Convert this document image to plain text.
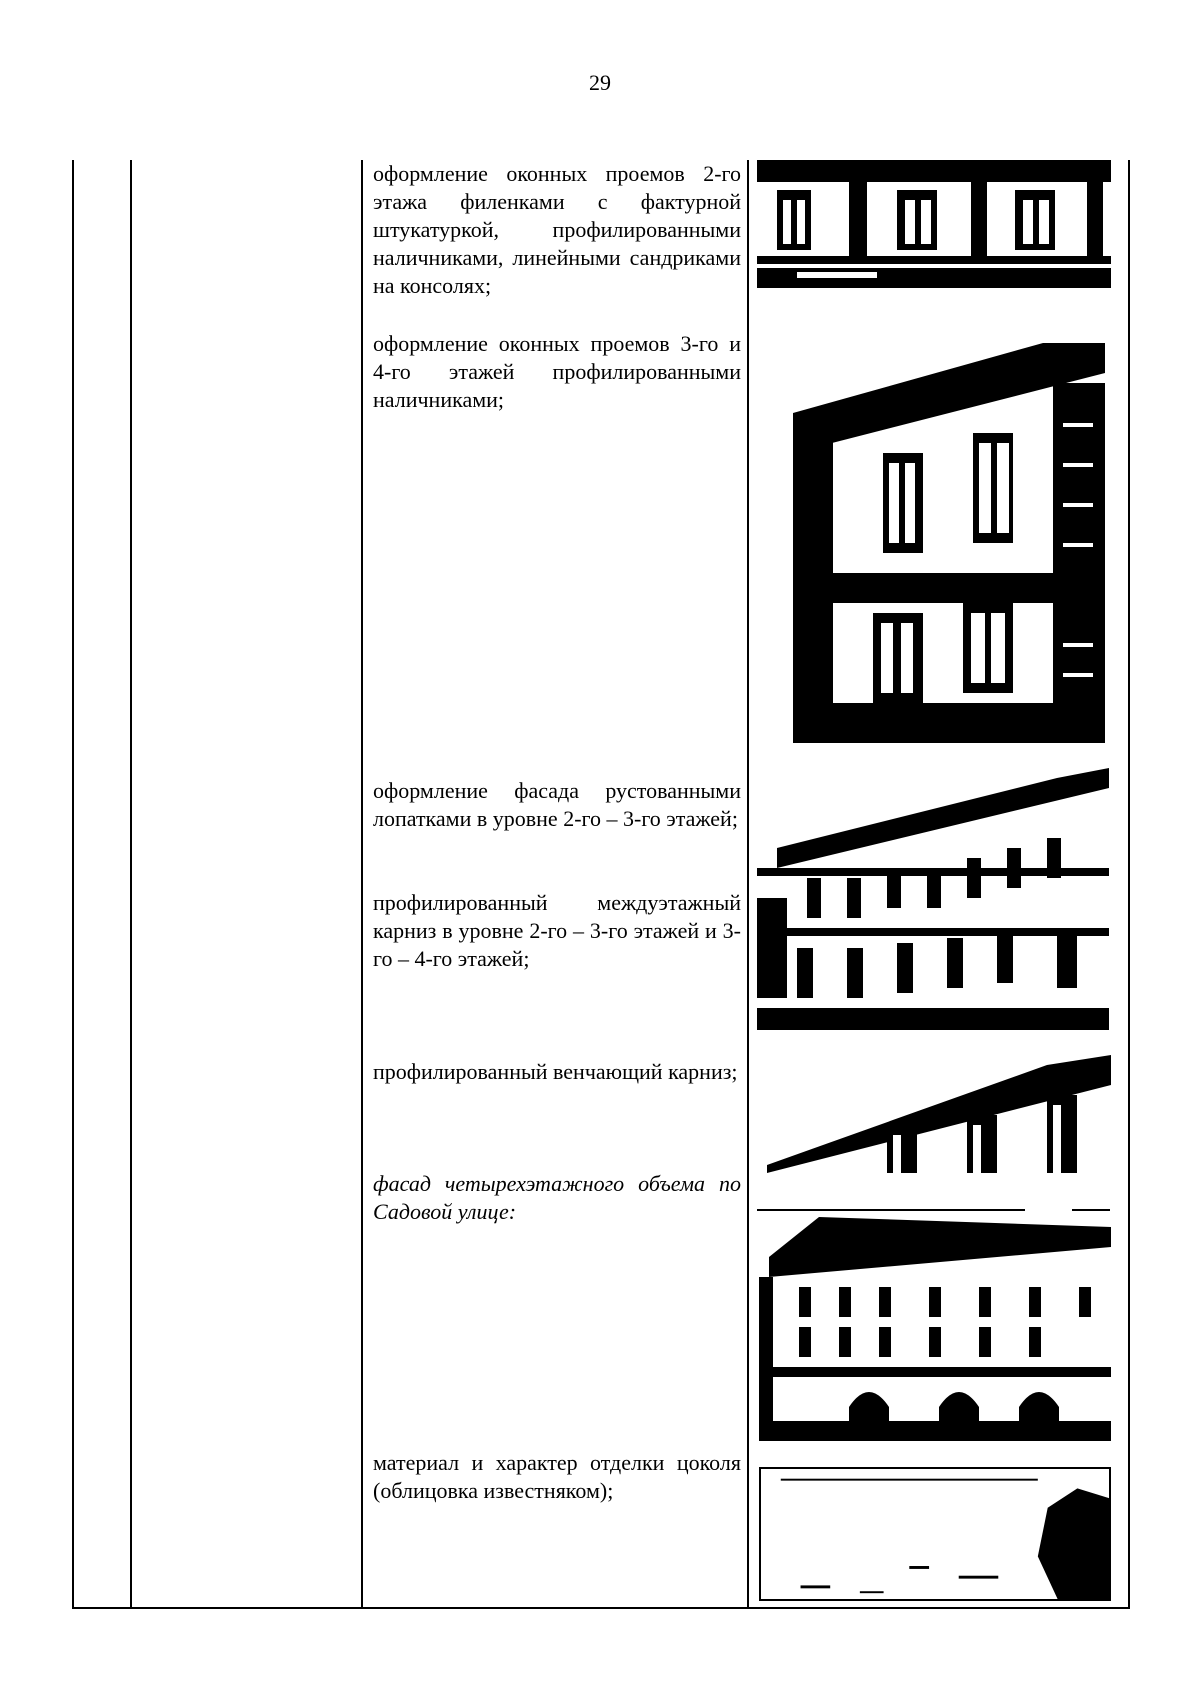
29
оформление оконных проемов 2-го этажа филенками с фактурной штукатуркой, профилированными наличниками, линейными сандриками на консолях;
оформление оконных проемов 3-го и 4-го этажей профилированными наличниками;
оформление фасада рустованными лопатками в уровне 2-го – 3-го этажей;
профилированный междуэтажный карниз в уровне 2-го – 3-го этажей и 3-го – 4-го этажей;
профилированный венчающий карниз;
фасад четырехэтажного объема по Садовой улице:
материал и характер отделки цоколя (облицовка известняком);
